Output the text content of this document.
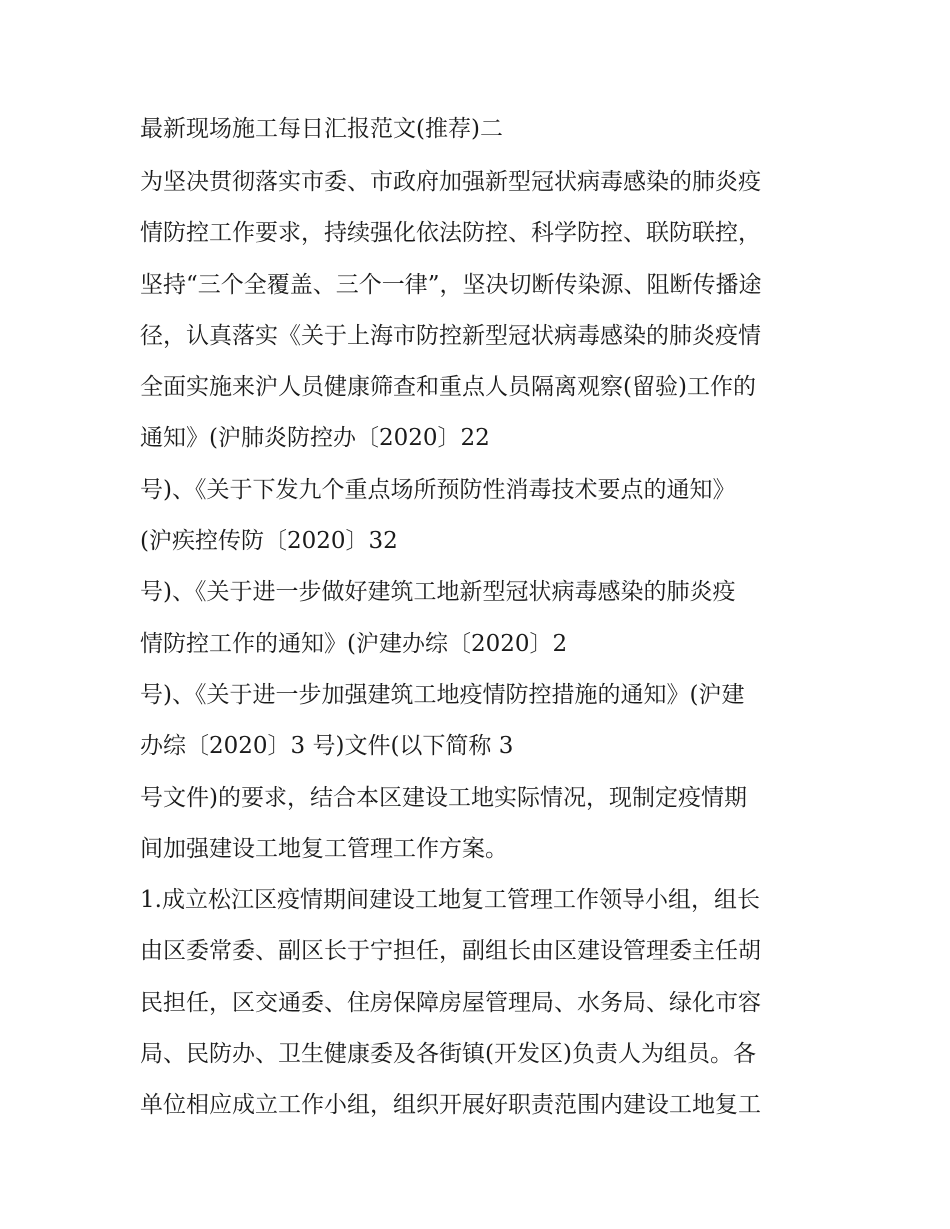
最新现场施工每日汇报范文(推荐)二
为坚决贯彻落实市委、市政府加强新型冠状病毒感染的肺炎疫
情防控工作要求，持续强化依法防控、科学防控、联防联控，
坚持“三个全覆盖、三个一律”，坚决切断传染源、阻断传播途
径，认真落实《关于上海市防控新型冠状病毒感染的肺炎疫情
全面实施来沪人员健康筛查和重点人员隔离观察(留验)工作的
通知》(沪肺炎防控办〔2020〕22
号)、《关于下发九个重点场所预防性消毒技术要点的通知》
(沪疾控传防〔2020〕32
号)、《关于进一步做好建筑工地新型冠状病毒感染的肺炎疫
情防控工作的通知》(沪建办综〔2020〕2
号)、《关于进一步加强建筑工地疫情防控措施的通知》(沪建
办综〔2020〕3 号)文件(以下简称 3
号文件)的要求，结合本区建设工地实际情况，现制定疫情期
间加强建设工地复工管理工作方案。
1.成立松江区疫情期间建设工地复工管理工作领导小组，组长
由区委常委、副区长于宁担任，副组长由区建设管理委主任胡
民担任，区交通委、住房保障房屋管理局、水务局、绿化市容
局、民防办、卫生健康委及各街镇(开发区)负责人为组员。各
单位相应成立工作小组，组织开展好职责范围内建设工地复工
